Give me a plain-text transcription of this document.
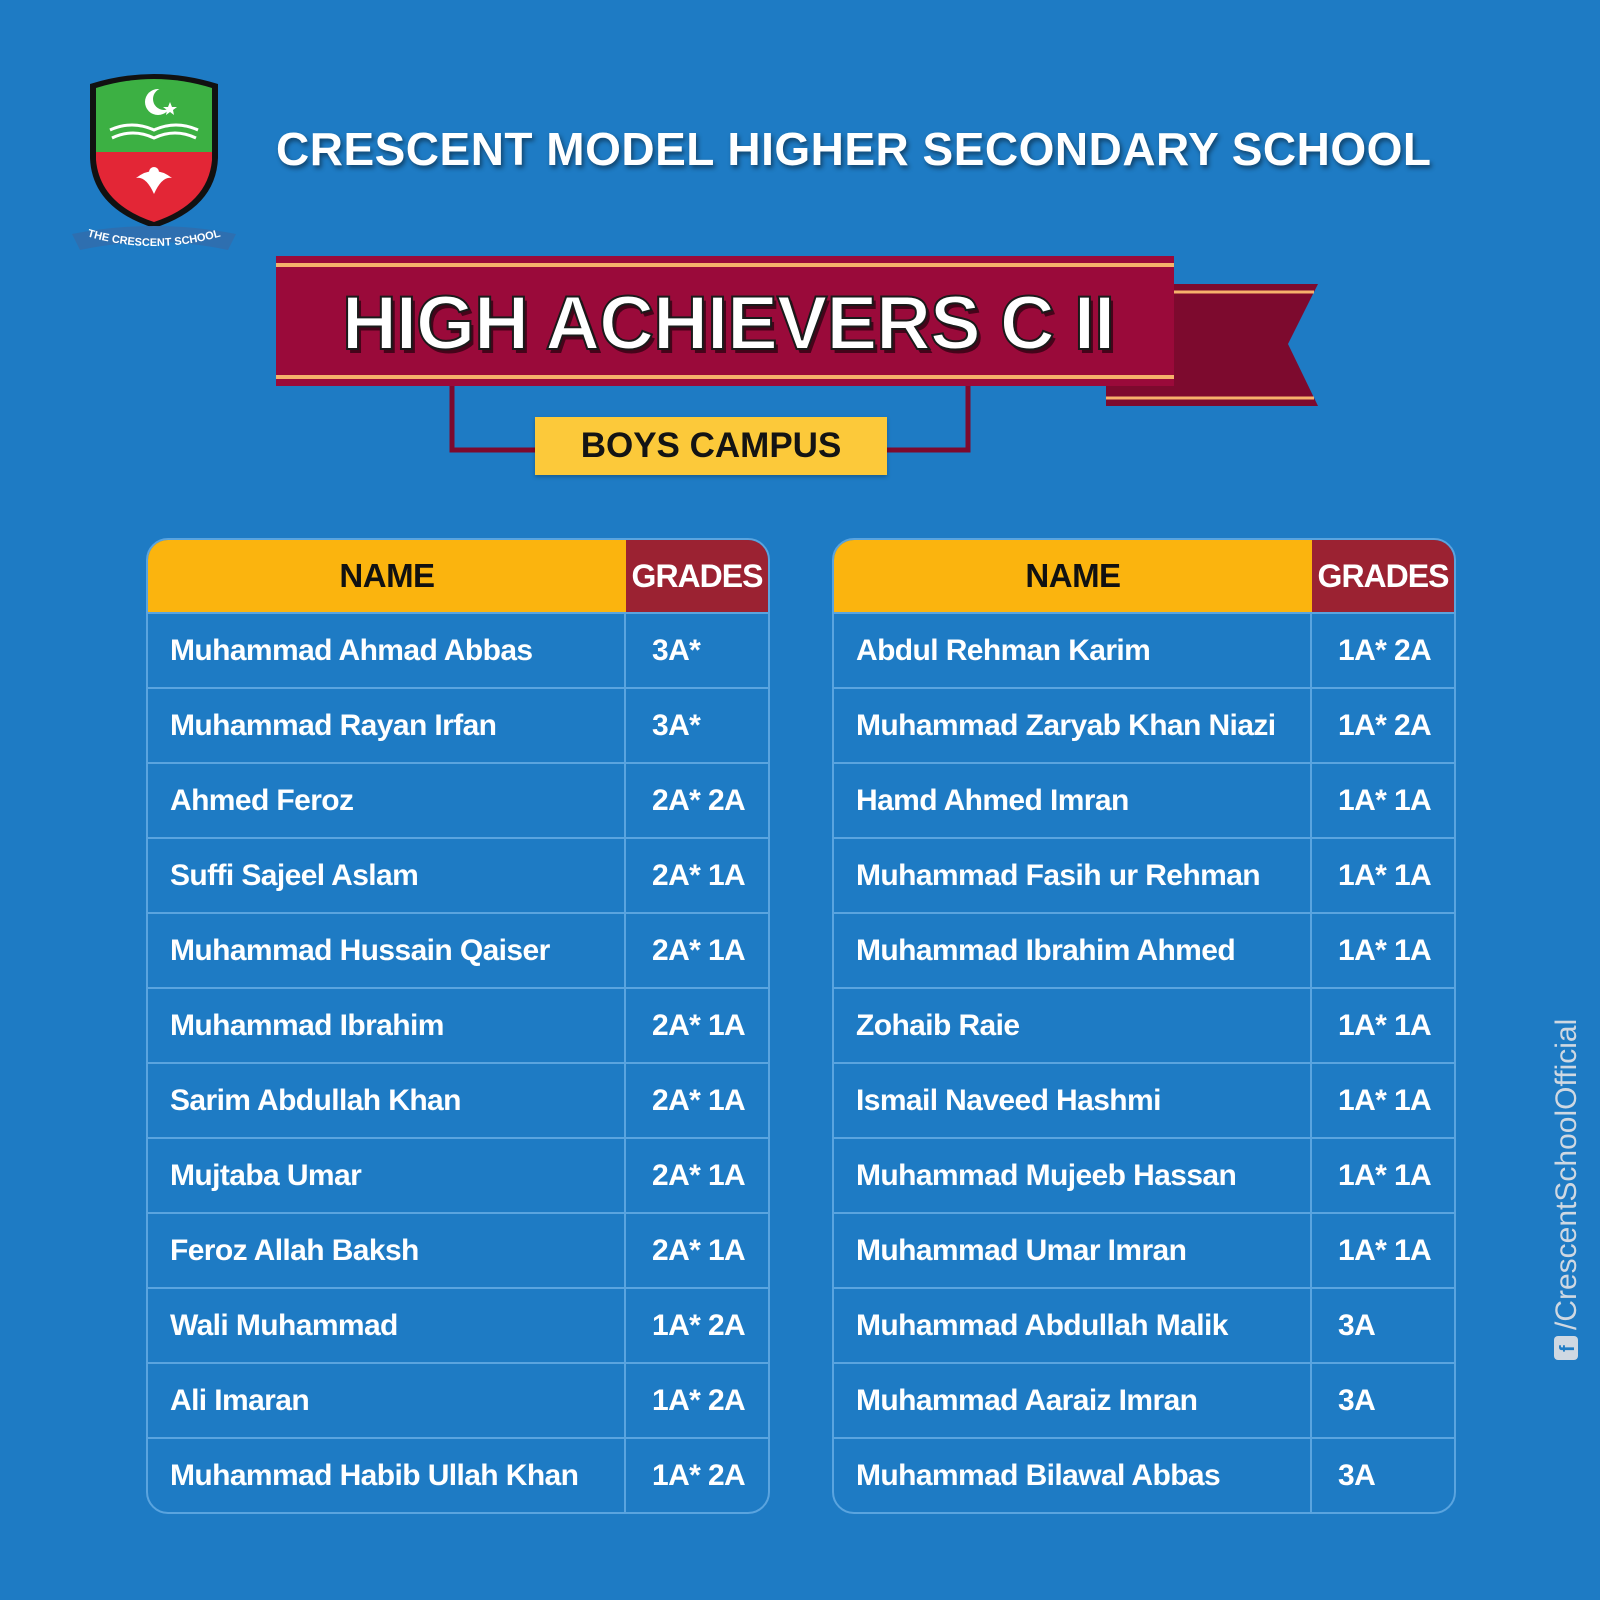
THE CRESCENT SCHOOL
CRESCENT MODEL HIGHER SECONDARY SCHOOL
HIGH ACHIEVERS C II
BOYS CAMPUS
NAME	GRADES
Muhammad Ahmad Abbas	3A*
Muhammad Rayan Irfan	3A*
Ahmed Feroz	2A* 2A
Suffi Sajeel Aslam	2A* 1A
Muhammad Hussain Qaiser	2A* 1A
Muhammad Ibrahim	2A* 1A
Sarim Abdullah Khan	2A* 1A
Mujtaba Umar	2A* 1A
Feroz Allah Baksh	2A* 1A
Wali Muhammad	1A* 2A
Ali Imaran	1A* 2A
Muhammad Habib Ullah Khan	1A* 2A
NAME	GRADES
Abdul Rehman Karim	1A* 2A
Muhammad Zaryab Khan Niazi	1A* 2A
Hamd Ahmed Imran	1A* 1A
Muhammad Fasih ur Rehman	1A* 1A
Muhammad Ibrahim Ahmed	1A* 1A
Zohaib Raie	1A* 1A
Ismail Naveed Hashmi	1A* 1A
Muhammad Mujeeb Hassan	1A* 1A
Muhammad Umar Imran	1A* 1A
Muhammad Abdullah Malik	3A
Muhammad Aaraiz Imran	3A
Muhammad Bilawal Abbas	3A
f
/CrescentSchoolOfficial
